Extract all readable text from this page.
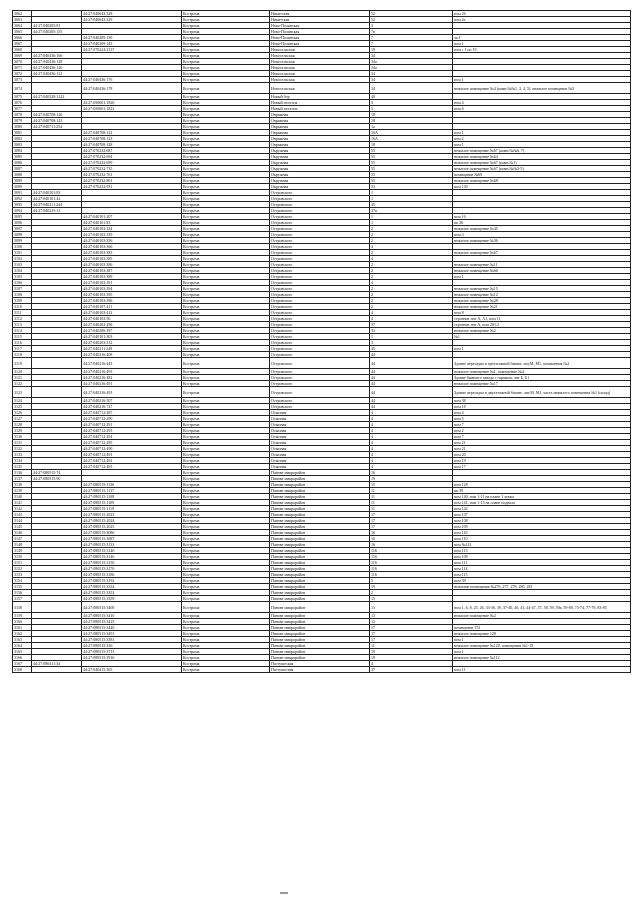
3062		44:27:040643:328	Кострома	Никитская	52	пом 26
3063		44:27:040643:329	Кострома	Никитская	52	пом 2е
3064	44:27:040205:81		Кострома	Ново-Полянская	3	
3065	44:27:040205:155		Кострома	Ново-Полянская	7в	
3066		44:27:040209:139	Кострома	Ново-Полянская	7	лк Г
3067		44:27:040209:143	Кострома	Ново-Полянская	7	пом 1
3068		44:27:070224:2137	Кострома	Новосельская	19	пом с 1 по 19
3069	44:27:040436:166		Кострома	Новосельская	34	
3070	44:27:040436:128		Кострома	Новосельская	34а	
3071	44:27:040436:126		Кострома	Новосельская	34а	
3072	44:27:040436:121		Кострома	Новосельская	34	
3073		44:27:040436:176	Кострома	Новосельская	34	пом 1
3074		44:27:040436:178	Кострома	Новосельская	34	нежилое помещение №4 (комн.№№1, 3, 4, 5), нежилое помещение №5
3075	44:27:040328:1222		Кострома	Новый бор	40	
3076		44:27:050601:1826	Кострома	Новый поселок	3	пом 4
3077		44:27:050601:1822	Кострома	Новый поселок	3	пом 6
3078	44:27:040708:126		Кострома	Овражная	18	
3079	44:27:040708:143		Кострома	Овражная	18	
3080	44:27:040711:254		Кострома	Овражная	1а	
3081		44:27:040708:122	Кострома	Овражная	16А	пом 1
3082		44:27:040708:123	Кострома	Овражная	16А	пом 2
3083		44:27:040708:128	Кострома	Овражная	18	пом 1
3084		44:27:070232:687	Кострома	Окружная	55	нежилое помещение №67 (комн.№№6, 7)
3085		44:27:070232:694	Кострома	Окружная	55	нежилое помещение №64
3086		44:27:070232:699	Кострома	Окружная	55	нежилое помещение №67 (комн.№1)
3087		44:27:070232:735	Кострома	Окружная	55	нежилое помещение №67 (комн.№№3-5)
3088		44:27:070232:761	Кострома	Окружная	55	помещение №69
3089		44:27:070232:801	Кострома	Окружная	55	нежилое помещение №68
3090		44:27:070232:931	Кострома	Окружная	53	пом 130
3091	44:27:040101:83		Кострома	Островского	1	
3092	44:27:040101:42		Кострома	Островского	1	
3093	44:27:040211:244		Кострома	Островского	45	
3094	44:27:040215:13		Кострома	Островского	37а	
3095		44:27:040101:207	Кострома	Островского	1	пом 16
3096		44:27:040101:83	Кострома	Островского	1	пк 26
3097		44:27:040103:334	Кострома	Островского	2	нежилое помещение №45
3098		44:27:040103:339	Кострома	Островского	2	пом 3
3099		44:27:040103:356	Кострома	Островского	2	нежилое помещение №36
3100		44:27:040103:366	Кострома	Островского	4	
3101		44:27:040103:383	Кострома	Островского	2	нежилое помещение №67
3102		44:27:040103:385	Кострома	Островского	4	
3103		44:27:040103:386	Кострома	Островского	2	нежилое помещение №11
3104		44:27:040103:387	Кострома	Островского	2	нежилое помещение №66
3105		44:27:040103:389	Кострома	Островского	2	пом 1
3106		44:27:040103:391	Кострома	Островского	4	
3107		44:27:040103:394	Кострома	Островского	2	нежилое помещение №15
3108		44:27:040103:395	Кострома	Островского	2	нежилое помещение №12
3109		44:27:040103:396	Кострома	Островского	2	нежилое помещение №28
3110		44:27:040107:411	Кострома	Островского	2	нежилое помещение №21
3111		44:27:040103:412	Кострома	Островского	4	пом 8
3112		44:27:040103:56	Кострома	Островского	4	строение лит А, А1, пом 11
3113		44:27:040202:296	Кострома	Островского	37	строение лит А, пом 20/12
3114		44:27:040206:397	Кострома	Островского	33	нежилое помещение №2
3115		44:27:040101:303	Кострома	Островского	1	№1
3116		44:27:040203:312	Кострома	Островского	3	
3117		44:27:040211:249	Кострома	Островского	45	пом 1
3118		44:27:040216:408	Кострома	Островского	44	
3119		44:27:040216:443	Кострома	Островского	44	Здание пересадка в трехэтажной башне, лит.М, М1, помещения №2
3120		44:27:040216:493	Кострома	Островского	44	нежилое помещение №1, помещение №4
3121		44:27:040216:482	Кострома	Островского	44	Здание бывшего завода с гаражом, лит Б, Б1
3122		44:27:040216:491	Кострома	Островского	44	нежилое помещение №17
3123		44:27:040216:493	Кострома	Островского	44	Здание пересадка в двухэтажной башне, лит.М, М1, часть нежилого помещения №1 (склад)
3124		44:27:040216:507	Кострома	Островского	44	пом 38
3125		44:27:040216:727	Кострома	Островского	44	пом 18
3126		44:27:040712:287	Кострома	Осыпная	4	пом 4
3127		44:27:040712:290	Кострома	Осыпная	4	пом 5
3128		44:27:040712:291	Кострома	Осыпная	4	пом 7
3129		44:27:040712:293	Кострома	Осыпная	4	пом 2
3130		44:27:040712:294	Кострома	Осыпная	4	пом 7
3131		44:27:040712:295	Кострома	Осыпная	4	пом 21
3132		44:27:040712:490	Кострома	Осыпная	4	пом 21
3133		44:27:040712:491	Кострома	Осыпная	4	пом 20
3134		44:27:040712:492	Кострома	Осыпная	4	пом 19
3135		44:27:040712:493	Кострома	Осыпная	4	пом 17
3136	44:27:080515:74		Кострома	Панове микрорайон	16	
3137	44:27:080515:90		Кострома	Панове микрорайон	19	
3138		44:27:080515:1136	Кострома	Панове микрорайон	15	пом 128
3139		44:27:080515:1137	Кострома	Панове микрорайон	11	пк 39
3140		44:27:080515:1108	Кострома	Панове микрорайон	11	пом 140, пом 1-11 на плане 1 этажа
3141		44:27:080515:1109	Кострома	Панове микрорайон	11	пом 141, пом 1-13 на плане подвала
3142		44:27:080515:1119	Кострома	Панове микрорайон	11	пом 142
3143		44:27:080515:2023	Кострома	Панове микрорайон	17	пом 107
3144		44:27:080515:2024	Кострома	Панове микрорайон	17	пом 108
3145		44:27:080515:2025	Кострома	Панове микрорайон	17	пом 109
3146		44:27:080515:3086	Кострома	Панове микрорайон	16	пом 116
3147		44:27:080515:3087	Кострома	Панове микрорайон	16	пом 110
3148		44:27:080515:3133	Кострома	Панове микрорайон	16	пом №112
3149		44:27:080515:3140	Кострома	Панове микрорайон	116	пом 113
3150		44:27:080515:3146	Кострома	Панове микрорайон	116	пом 109
3151		44:27:080515:3150	Кострома	Панове микрорайон	116	пом 111
3152		44:27:080515:3176	Кострома	Панове микрорайон	116	пом 114
3153		44:27:080515:3186	Кострома	Панове микрорайон	116	пом 115
3154		44:27:080515:3192	Кострома	Панове микрорайон	5	пом 39
3155		44:27:080515:3334	Кострома	Панове микрорайон	19	нежилые помещения №276, 277, 278, 280, 281
3156		44:27:080515:3352	Кострома	Панове микрорайон	2	
3157		44:27:080515:3359	Кострома	Панове микрорайон	15	
3158		44:27:080515:3400	Кострома	Панове микрорайон	13	пом 1, 6, 8, 25, 26, 33-36, 39, 37-40, 40, 41, 44-47, 57, 58, 59, 59а, 59-69, 73-74, 77-79, 83-85
3159		44:27:080515:3410	Кострома	Панове микрорайон	13	нежилое помещение №2
3160		44:27:080515:3425	Кострома	Панове микрорайон	12	
3161		44:27:080515:3440	Кострома	Панове микрорайон	17	помещение 172
3162		44:27:080515:3491	Кострома	Панове микрорайон	17	нежилое помещение 128
3163		44:27:080515:3581	Кострома	Панове микрорайон	17	пом 1
3164		44:27:080515:356	Кострома	Панове микрорайон	11	нежилое помещение №120, помещения №1-19
3165		44:27:080515:3713	Кострома	Панове микрорайон	19	пом 1
3166		44:27:080515:3916	Кострома	Панове микрорайон	19	нежилое помещение №112
3167	44:27:080411:34		Кострома	Пастушеская	4	
3168		44:27:040415:365	Кострома	Пастушеская	37	пом 11
